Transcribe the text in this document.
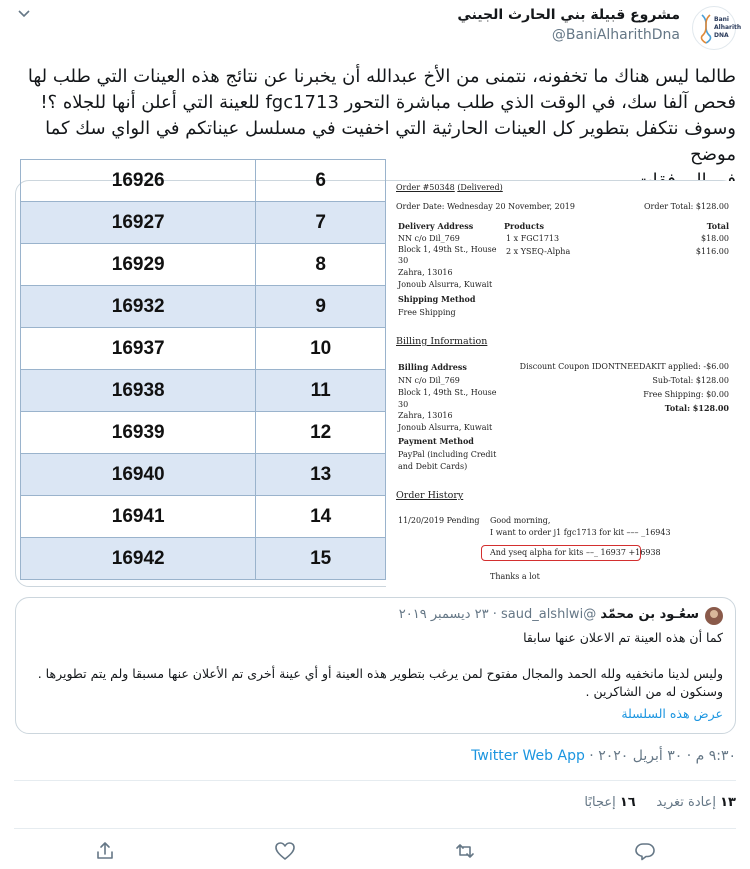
Bani
Alharith
DNA
مشروع قبيلة بني الحارث الجيني
@BaniAlharithDna
طالما ليس هناك ما تخفونه، نتمنى من الأخ عبدالله أن يخبرنا عن نتائج هذه العينات التي طلب لها
فحص آلفا سك، في الوقت الذي طلب مباشرة التحور fgc1713 للعينة التي أعلن أنها للجلاه ؟!
وسوف نتكفل بتطوير كل العينات الحارثية التي اخفيت في مسلسل عيناتكم في الواي سك كما موضح
16926	6
16927	7
16929	8
16932	9
16937	10
16938	11
16939	12
16940	13
16941	14
16942	15
Order #50348 (Delivered)
Order Date: Wednesday 20 November, 2019	Order Total: $128.00
Delivery Address	Products	Total
NN c/o Dil_769
Block 1, 49th St., House
30
Zahra, 13016
Jonoub Alsurra, Kuwait
1 x FGC1713	$18.00
2 x YSEQ-Alpha	$116.00
Shipping Method
Free Shipping
Billing Information
Billing Address
NN c/o Dil_769
Block 1, 49th St., House
30
Zahra, 13016
Jonoub Alsurra, Kuwait
Discount Coupon IDONTNEEDAKIT applied: -$6.00
Sub-Total: $128.00
Free Shipping: $0.00
Total: $128.00
Payment Method
PayPal (including Credit
and Debit Cards)
Order History
11/20/2019 Pending Good morning,
I want to order j1 fgc1713 for kit ––– _16943
And yseq alpha for kits ––_ 16937 +16938
Thanks a lot
سعُـود بن محمّد @saud_alshlwi · ٢٣ ديسمبر ٢٠١٩
كما أن هذه العينة تم الاعلان عنها سابقا
وليس لدينا مانخفيه ولله الحمد والمجال مفتوح لمن يرغب بتطوير هذه العينة أو أي عينة أخرى تم الأعلان عنها مسبقا ولم يتم تطويرها .
وسنكون له من الشاكرين .
عرض هذه السلسلة
٩:٣٠ م · ٣٠ أبريل ٢٠٢٠ · Twitter Web App
١٣ إعادة تغريد     ١٦ إعجابًا
